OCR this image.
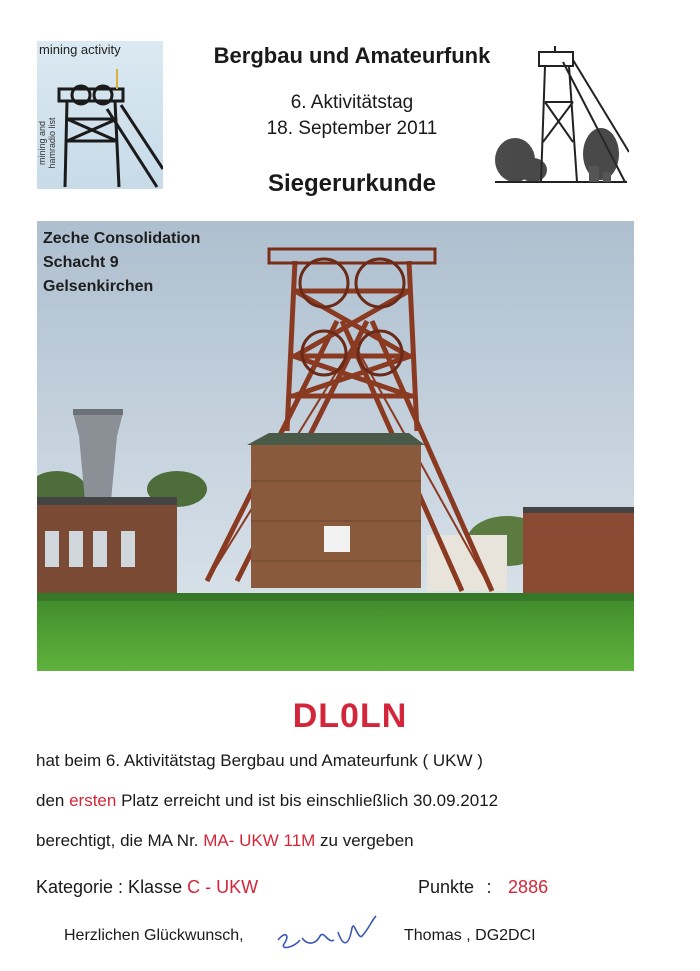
mining activity
mining and hamradio list
Bergbau und Amateurfunk
6. Aktivitätstag
18. September 2011
Siegerurkunde
Zeche Consolidation
Schacht 9
Gelsenkirchen
DL0LN
hat beim 6. Aktivitätstag Bergbau und Amateurfunk ( UKW )
den ersten Platz erreicht und ist bis einschließlich 30.09.2012
berechtigt, die MA Nr. MA- UKW 11M zu vergeben
Kategorie : Klasse C - UKW	Punkte : 2886
Herzlichen Glückwunsch,	Thomas , DG2DCI
